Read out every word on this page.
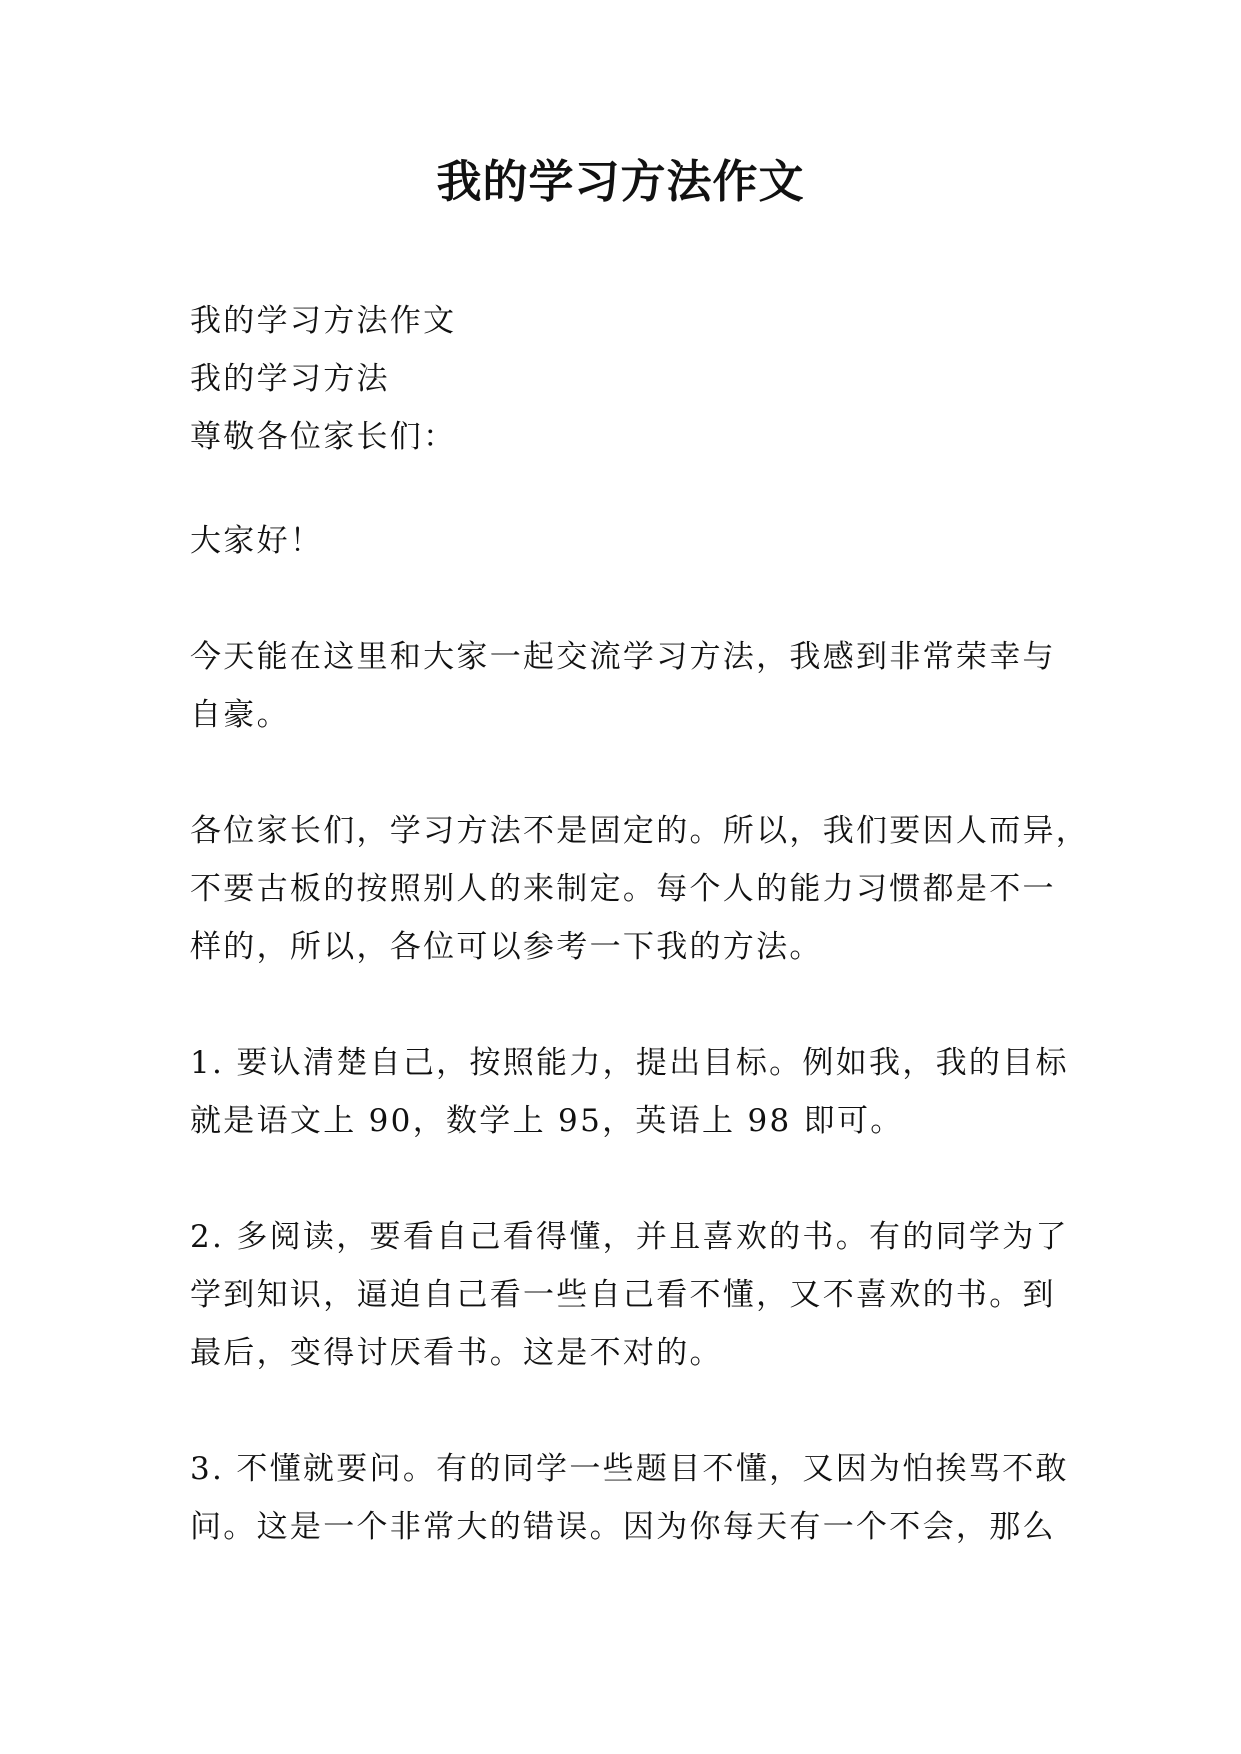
我的学习方法作文
我的学习方法作文
我的学习方法
尊敬各位家长们：
大家好！
今天能在这里和大家一起交流学习方法，我感到非常荣幸与
自豪。
各位家长们，学习方法不是固定的。所以，我们要因人而异，
不要古板的按照别人的来制定。每个人的能力习惯都是不一
样的，所以，各位可以参考一下我的方法。
1. 要认清楚自己，按照能力，提出目标。例如我，我的目标
就是语文上 90，数学上 95，英语上 98 即可。
2. 多阅读，要看自己看得懂，并且喜欢的书。有的同学为了
学到知识，逼迫自己看一些自己看不懂，又不喜欢的书。到
最后，变得讨厌看书。这是不对的。
3. 不懂就要问。有的同学一些题目不懂，又因为怕挨骂不敢
问。这是一个非常大的错误。因为你每天有一个不会，那么
